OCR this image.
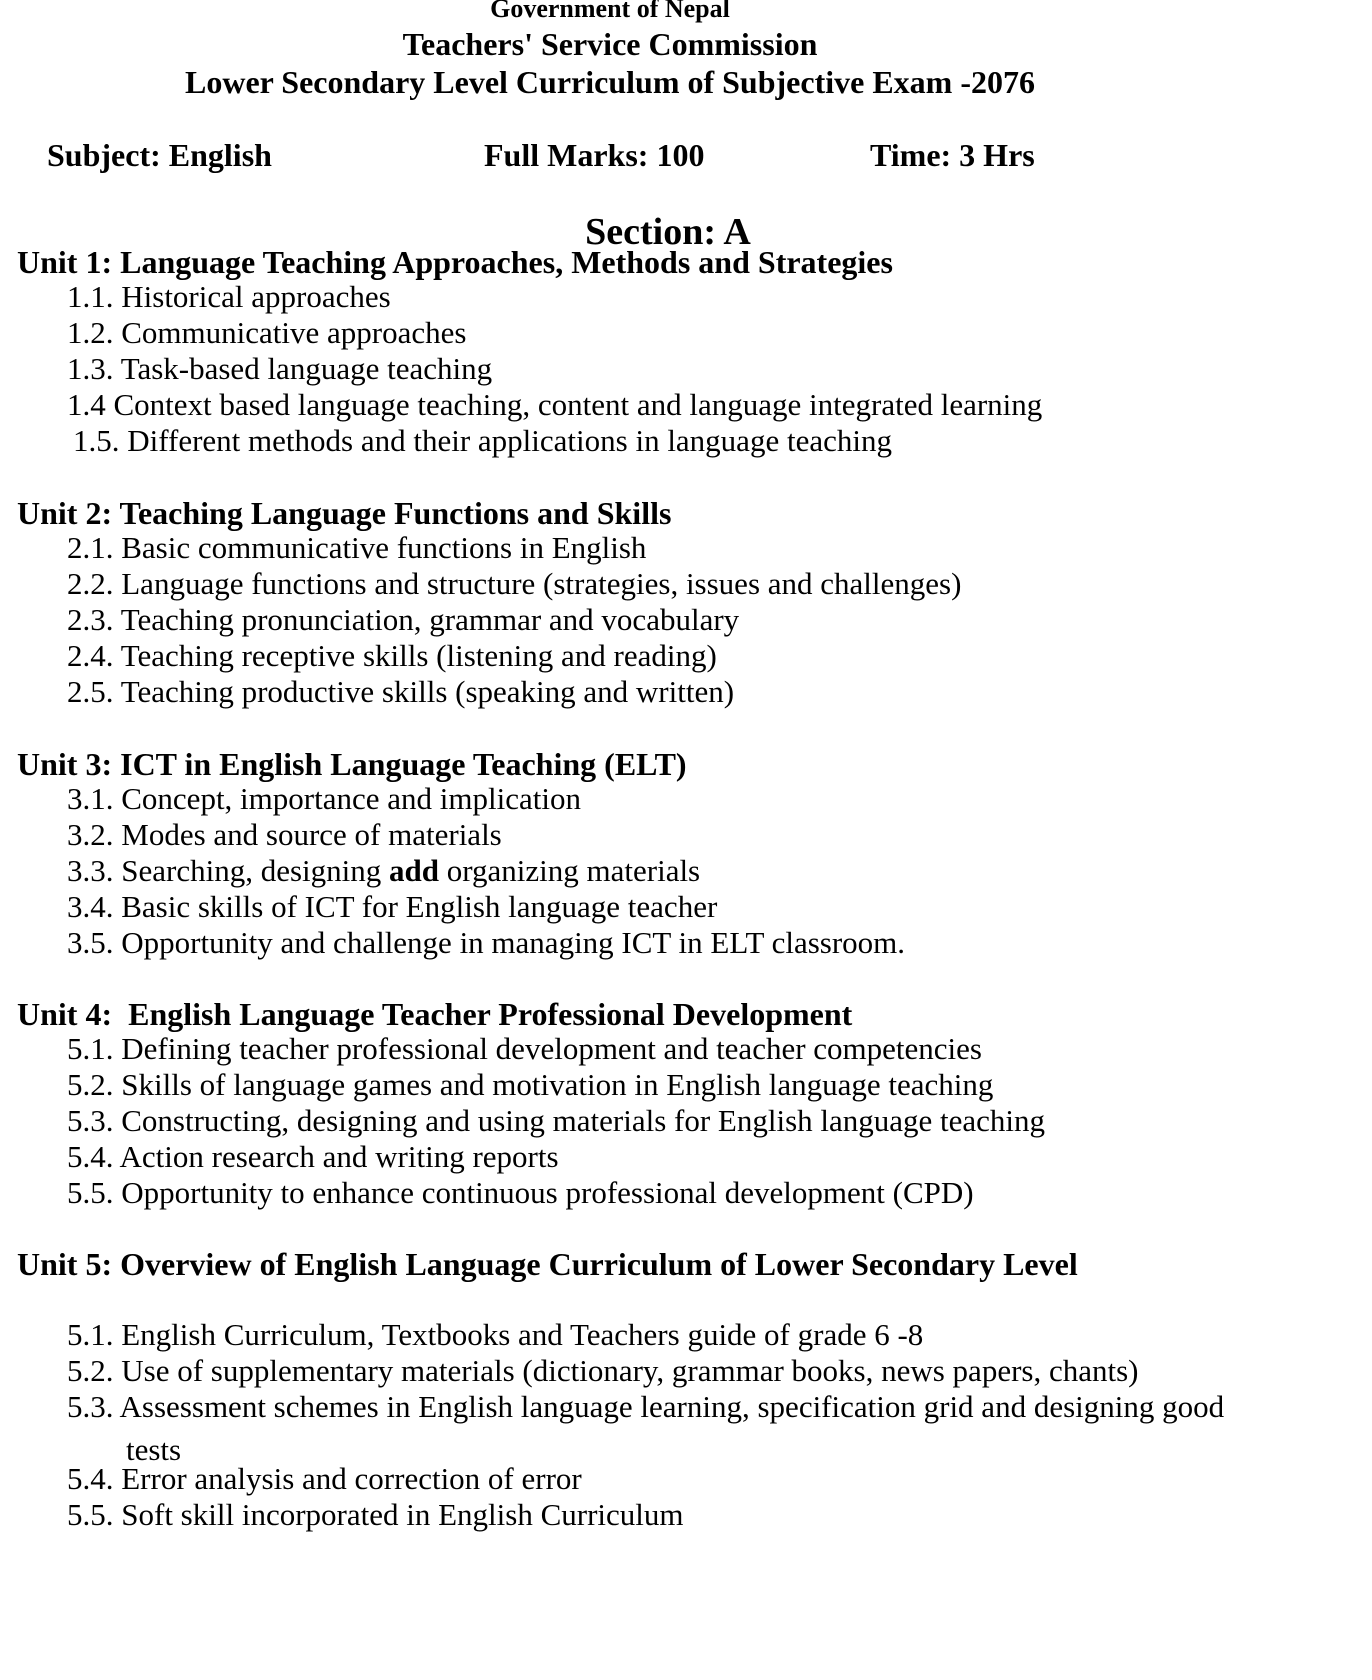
Government of Nepal
Teachers' Service Commission
Lower Secondary Level Curriculum of Subjective Exam -2076
Subject: English	Full Marks: 100	Time: 3 Hrs
Section: A
Unit 1: Language Teaching Approaches, Methods and Strategies
1.1. Historical approaches
1.2. Communicative approaches
1.3. Task-based language teaching
1.4 Context based language teaching, content and language integrated learning
1.5. Different methods and their applications in language teaching
Unit 2: Teaching Language Functions and Skills
2.1. Basic communicative functions in English
2.2. Language functions and structure (strategies, issues and challenges)
2.3. Teaching pronunciation, grammar and vocabulary
2.4. Teaching receptive skills (listening and reading)
2.5. Teaching productive skills (speaking and written)
Unit 3: ICT in English Language Teaching (ELT)
3.1. Concept, importance and implication
3.2. Modes and source of materials
3.3. Searching, designing add organizing materials
3.4. Basic skills of ICT for English language teacher
3.5. Opportunity and challenge in managing ICT in ELT classroom.
Unit 4:  English Language Teacher Professional Development
5.1. Defining teacher professional development and teacher competencies
5.2. Skills of language games and motivation in English language teaching
5.3. Constructing, designing and using materials for English language teaching
5.4. Action research and writing reports
5.5. Opportunity to enhance continuous professional development (CPD)
Unit 5: Overview of English Language Curriculum of Lower Secondary Level
5.1. English Curriculum, Textbooks and Teachers guide of grade 6 -8
5.2. Use of supplementary materials (dictionary, grammar books, news papers, chants)
5.3. Assessment schemes in English language learning, specification grid and designing good
tests
5.4. Error analysis and correction of error
5.5. Soft skill incorporated in English Curriculum
